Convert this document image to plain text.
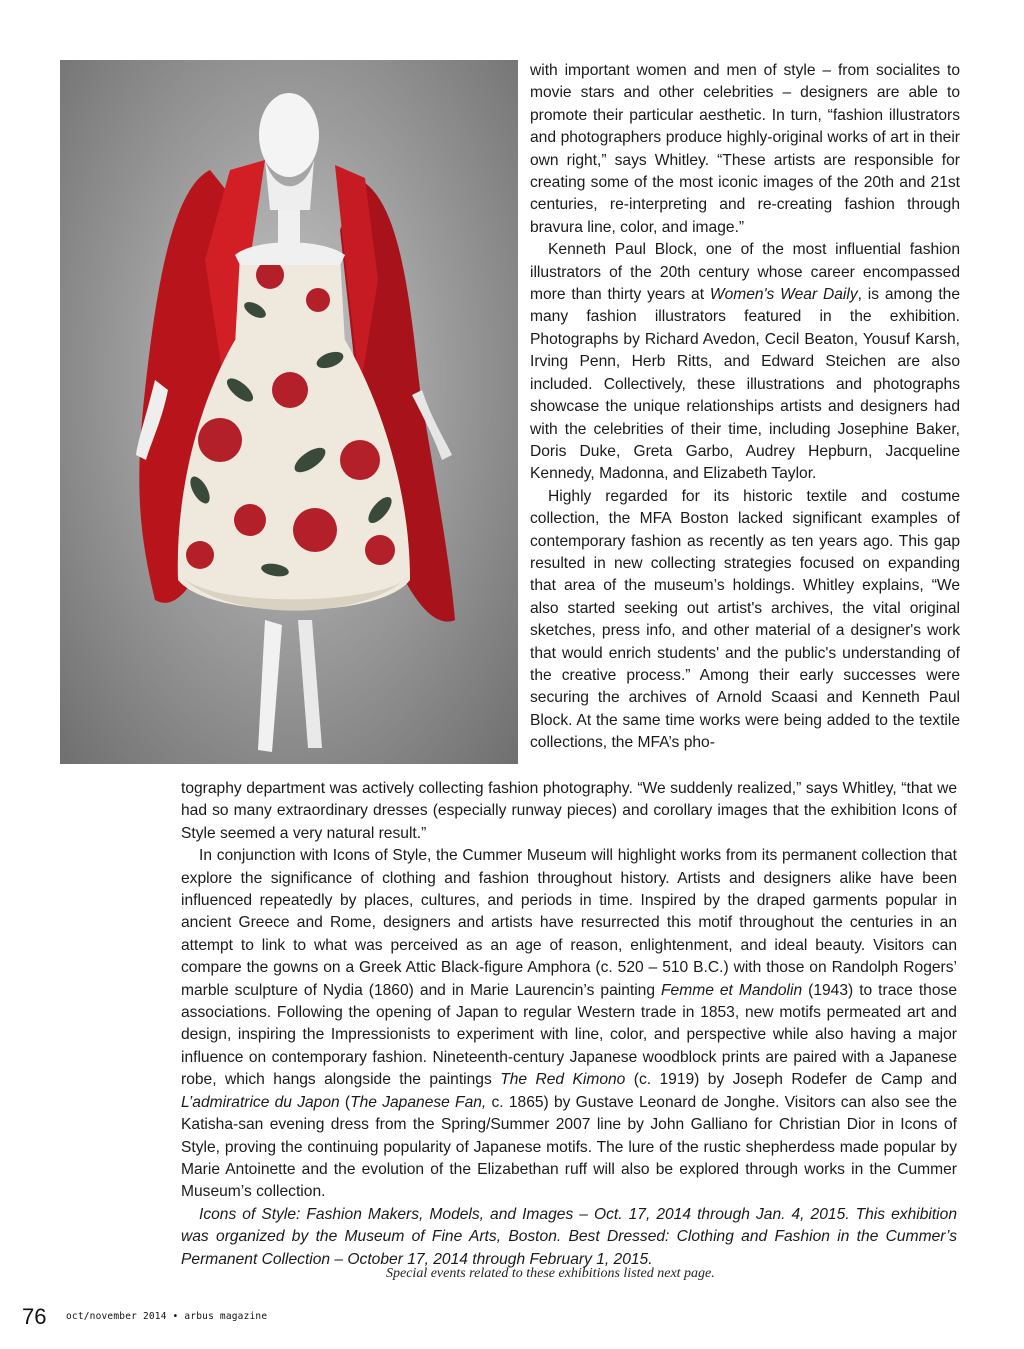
with important women and men of style – from socialites to movie stars and other celebrities – designers are able to promote their particular aesthetic. In turn, “fashion illustrators and photographers produce highly-original works of art in their own right,” says Whitley. “These artists are responsible for creating some of the most iconic images of the 20th and 21st centuries, re-interpreting and re-creating fashion through bravura line, color, and image.”

Kenneth Paul Block, one of the most influential fashion illustrators of the 20th century whose career encompassed more than thirty years at Women's Wear Daily, is among the many fashion illustrators featured in the exhibition. Photographs by Richard Avedon, Cecil Beaton, Yousuf Karsh, Irving Penn, Herb Ritts, and Edward Steichen are also included. Collectively, these illustrations and photographs showcase the unique relationships artists and designers had with the celebrities of their time, including Josephine Baker, Doris Duke, Greta Garbo, Audrey Hepburn, Jacqueline Kennedy, Madonna, and Elizabeth Taylor.

Highly regarded for its historic textile and costume collection, the MFA Boston lacked significant examples of contemporary fashion as recently as ten years ago. This gap resulted in new collecting strategies focused on expanding that area of the museum’s holdings. Whitley explains, “We also started seeking out artist's archives, the vital original sketches, press info, and other material of a designer's work that would enrich students' and the public's understanding of the creative process.” Among their early successes were securing the archives of Arnold Scaasi and Kenneth Paul Block. At the same time works were being added to the textile collections, the MFA’s pho-

tography department was actively collecting fashion photography. “We suddenly realized,” says Whitley, “that we had so many extraordinary dresses (especially runway pieces) and corollary images that the exhibition Icons of Style seemed a very natural result.”

In conjunction with Icons of Style, the Cummer Museum will highlight works from its permanent collection that explore the significance of clothing and fashion throughout history. Artists and designers alike have been influenced repeatedly by places, cultures, and periods in time. Inspired by the draped garments popular in ancient Greece and Rome, designers and artists have resurrected this motif throughout the centuries in an attempt to link to what was perceived as an age of reason, enlightenment, and ideal beauty. Visitors can compare the gowns on a Greek Attic Black-figure Amphora (c. 520 – 510 B.C.) with those on Randolph Rogers’ marble sculpture of Nydia (1860) and in Marie Laurencin’s painting Femme et Mandolin (1943) to trace those associations. Following the opening of Japan to regular Western trade in 1853, new motifs permeated art and design, inspiring the Impressionists to experiment with line, color, and perspective while also having a major influence on contemporary fashion. Nineteenth-century Japanese woodblock prints are paired with a Japanese robe, which hangs alongside the paintings The Red Kimono (c. 1919) by Joseph Rodefer de Camp and L’admiratrice du Japon (The Japanese Fan, c. 1865) by Gustave Leonard de Jonghe. Visitors can also see the Katisha-san evening dress from the Spring/Summer 2007 line by John Galliano for Christian Dior in Icons of Style, proving the continuing popularity of Japanese motifs. The lure of the rustic shepherdess made popular by Marie Antoinette and the evolution of the Elizabethan ruff will also be explored through works in the Cummer Museum’s collection.

Icons of Style: Fashion Makers, Models, and Images – Oct. 17, 2014 through Jan. 4, 2015. This exhibition was organized by the Museum of Fine Arts, Boston. Best Dressed: Clothing and Fashion in the Cummer’s Permanent Collection – October 17, 2014 through February 1, 2015.

Special events related to these exhibitions listed next page.
76 oct/november 2014 • arbus magazine
